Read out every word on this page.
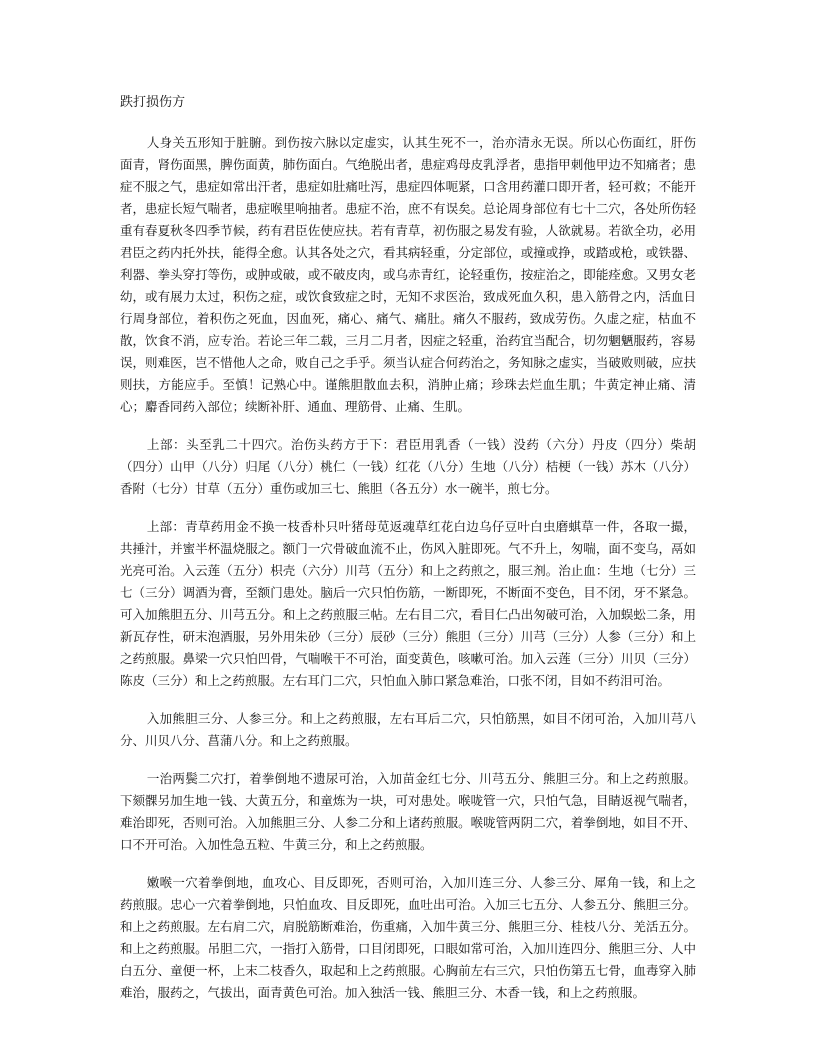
跌打损伤方

人身关五形知于脏腑。到伤按六脉以定虚实，认其生死不一，治亦清永无误。所以心伤面红，肝伤面青，肾伤面黑，脾伤面黄，肺伤面白。气绝脱出者，患症鸡母皮乳浮者，患指甲刺他甲边不知痛者；患症不服之气，患症如常出汗者，患症如肚痛吐泻，患症四体呃紧，口含用药灌口即开者，轻可救；不能开者，患症长短气喘者，患症喉里响抽者。患症不治，庶不有误矣。总论周身部位有七十二穴，各处所伤轻重有春夏秋冬四季节候，药有君臣佐使应扶。若有青草，初伤服之易发有验，人欲就易。若欲全功，必用君臣之药内托外扶，能得全愈。认其各处之穴，看其病轻重，分定部位，或撞或挣，或踏或枪，或铁器、利器、拳头穿打等伤，或肿或破，或不破皮肉，或乌赤青红，论轻重伤，按症治之，即能痊愈。又男女老幼，或有展力太过，积伤之症，或饮食致症之时，无知不求医治，致成死血久积，患入筋骨之内，活血日行周身部位，着积伤之死血，因血死，痛心、痛气、痛肚。痛久不服药，致成劳伤。久虚之症，枯血不散，饮食不消，应专治。若论三年二载，三月二月者，因症之轻重，治药宜当配合，切勿魍魉服药，容易误，则难医，岂不惜他人之命，败自己之手乎。须当认症合何药治之，务知脉之虚实，当破败则破，应扶则扶，方能应手。至慎！记熟心中。谨熊胆散血去积，消肿止痛；珍珠去烂血生肌；牛黄定神止痛、清心；麝香同药入部位；续断补肝、通血、理筋骨、止痛、生肌。

上部：头至乳二十四穴。治伤头药方于下：君臣用乳香（一钱）没药（六分）丹皮（四分）柴胡（四分）山甲（八分）归尾（八分）桃仁（一钱）红花（八分）生地（八分）桔梗（一钱）苏木（八分）香附（七分）甘草（五分）重伤或加三七、熊胆（各五分）水一碗半，煎七分。

上部：青草药用金不换一枝香朴只叶猪母苋返魂草红花白边乌仔豆叶白虫磨蜞草一件，各取一撮，共捶汁，并蜜半杯温烧服之。额门一穴骨破血流不止，伤风入脏即死。气不升上，匆喘，面不变乌，鬲如光亮可治。入云莲（五分）枳壳（六分）川芎（五分）和上之药煎之，服三剂。治止血：生地（七分）三七（三分）调酒为膏，至额门患处。脑后一穴只怕伤筋，一断即死，不断面不变色，目不闭，牙不紧急。可入加熊胆五分、川芎五分。和上之药煎服三帖。左右目二穴，看目仁凸出匆破可治，入加蜈蚣二条，用新瓦存性，研末泡酒服，另外用朱砂（三分）辰砂（三分）熊胆（三分）川芎（三分）人参（三分）和上之药煎服。鼻梁一穴只怕凹骨，气喘喉干不可治，面变黄色，咳嗽可治。加入云莲（三分）川贝（三分）陈皮（三分）和上之药煎服。左右耳门二穴，只怕血入肺口紧急难治，口张不闭，目如不药泪可治。

入加熊胆三分、人参三分。和上之药煎服，左右耳后二穴，只怕筋黑，如目不闭可治，入加川芎八分、川贝八分、菖蒲八分。和上之药煎服。

一治两鬓二穴打，着拳倒地不遗尿可治，入加苗金红七分、川芎五分、熊胆三分。和上之药煎服。下颏髁另加生地一钱、大黄五分，和童炼为一块，可对患处。喉咙管一穴，只怕气急，目睛返视气喘者，难治即死，否则可治。入加熊胆三分、人参二分和上诸药煎服。喉咙管两阴二穴，着拳倒地，如目不开、口不开可治。入加性急五粒、牛黄三分，和上之药煎服。

嫩喉一穴着拳倒地，血攻心、目反即死，否则可治，入加川连三分、人参三分、犀角一钱，和上之药煎服。忠心一穴着拳倒地，只怕血攻、目反即死，血吐出可治。入加三七五分、人参五分、熊胆三分。和上之药煎服。左右肩二穴，肩脱筋断难治，伤重痛，入加牛黄三分、熊胆三分、桂枝八分、羌活五分。和上之药煎服。吊胆二穴，一指打入筋骨，口目闭即死，口眼如常可治，入加川连四分、熊胆三分、人中白五分、童便一杯，上末二枝香久，取起和上之药煎服。心胸前左右三穴，只怕伤第五七骨，血毒穿入肺难治，服药之，气拔出，面青黄色可治。加入独活一钱、熊胆三分、木香一钱，和上之药煎服。
